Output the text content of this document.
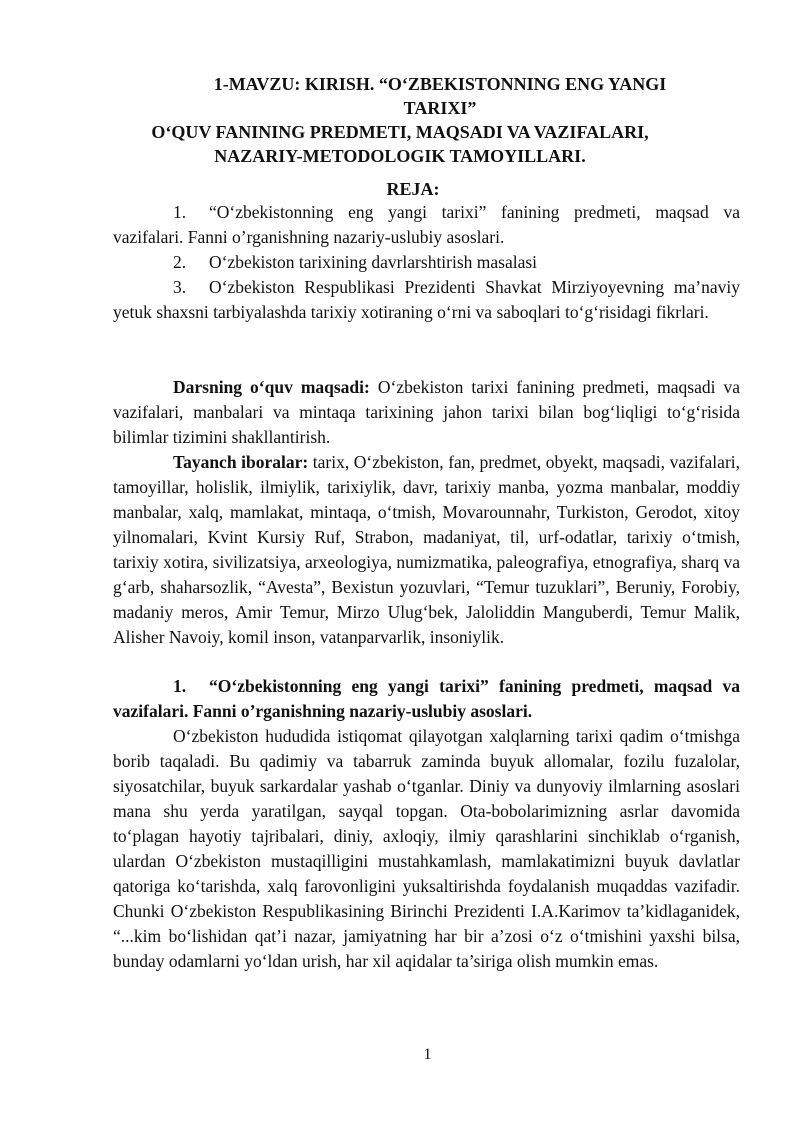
1-MAVZU: KIRISH. “O‘ZBEKISTONNING ENG YANGI TARIXI”
O‘QUV FANINING PREDMETI, MAQSADI VA VAZIFALARI,
NAZARIY-METODOLOGIK TAMOYILLARI.
REJA:

1. “O‘zbekistonning eng yangi tarixi” fanining predmeti, maqsad va vazifalari. Fanni o’rganishning nazariy-uslubiy asoslari.

2. O‘zbekiston tarixining davrlarshtirish masalasi

3. O‘zbekiston Respublikasi Prezidenti Shavkat Mirziyoyevning ma’naviy yetuk shaxsni tarbiyalashda tarixiy xotiraning o‘rni va saboqlari to‘g‘risidagi fikrlari.

Darsning o‘quv maqsadi: O‘zbekiston tarixi fanining predmeti, maqsadi va vazifalari, manbalari va mintaqa tarixining jahon tarixi bilan bog‘liqligi to‘g‘risida bilimlar tizimini shakllantirish.

Tayanch iboralar: tarix, O‘zbekiston, fan, predmet, obyekt, maqsadi, vazifalari, tamoyillar, holislik, ilmiylik, tarixiylik, davr, tarixiy manba, yozma manbalar, moddiy manbalar, xalq, mamlakat, mintaqa, o‘tmish, Movarounnahr, Turkiston, Gerodot, xitoy yilnomalari, Kvint Kursiy Ruf, Strabon, madaniyat, til, urf-odatlar, tarixiy o‘tmish, tarixiy xotira, sivilizatsiya, arxeologiya, numizmatika, paleografiya, etnografiya, sharq va g‘arb, shaharsozlik, “Avesta”, Bexistun yozuvlari, “Temur tuzuklari”, Beruniy, Forobiy, madaniy meros, Amir Temur, Mirzo Ulug‘bek, Jaloliddin Manguberdi, Temur Malik, Alisher Navoiy, komil inson, vatanparvarlik, insoniylik.

1. “O‘zbekistonning eng yangi tarixi” fanining predmeti, maqsad va vazifalari. Fanni o’rganishning nazariy-uslubiy asoslari.

O‘zbekiston hududida istiqomat qilayotgan xalqlarning tarixi qadim o‘tmishga borib taqaladi. Bu qadimiy va tabarruk zaminda buyuk allomalar, fozilu fuzalolar, siyosatchilar, buyuk sarkardalar yashab o‘tganlar. Diniy va dunyoviy ilmlarning asoslari mana shu yerda yaratilgan, sayqal topgan. Ota-bobolarimizning asrlar davomida to‘plagan hayotiy tajribalari, diniy, axloqiy, ilmiy qarashlarini sinchiklab o‘rganish, ulardan O‘zbekiston mustaqilligini mustahkamlash, mamlakatimizni buyuk davlatlar qatoriga ko‘tarishda, xalq farovonligini yuksaltirishda foydalanish muqaddas vazifadir. Chunki O‘zbekiston Respublikasining Birinchi Prezidenti I.A.Karimov ta’kidlaganidek, “...kim bo‘lishidan qat’i nazar, jamiyatning har bir a’zosi o‘z o‘tmishini yaxshi bilsa, bunday odamlarni yo‘ldan urish, har xil aqidalar ta’siriga olish mumkin emas.

1
